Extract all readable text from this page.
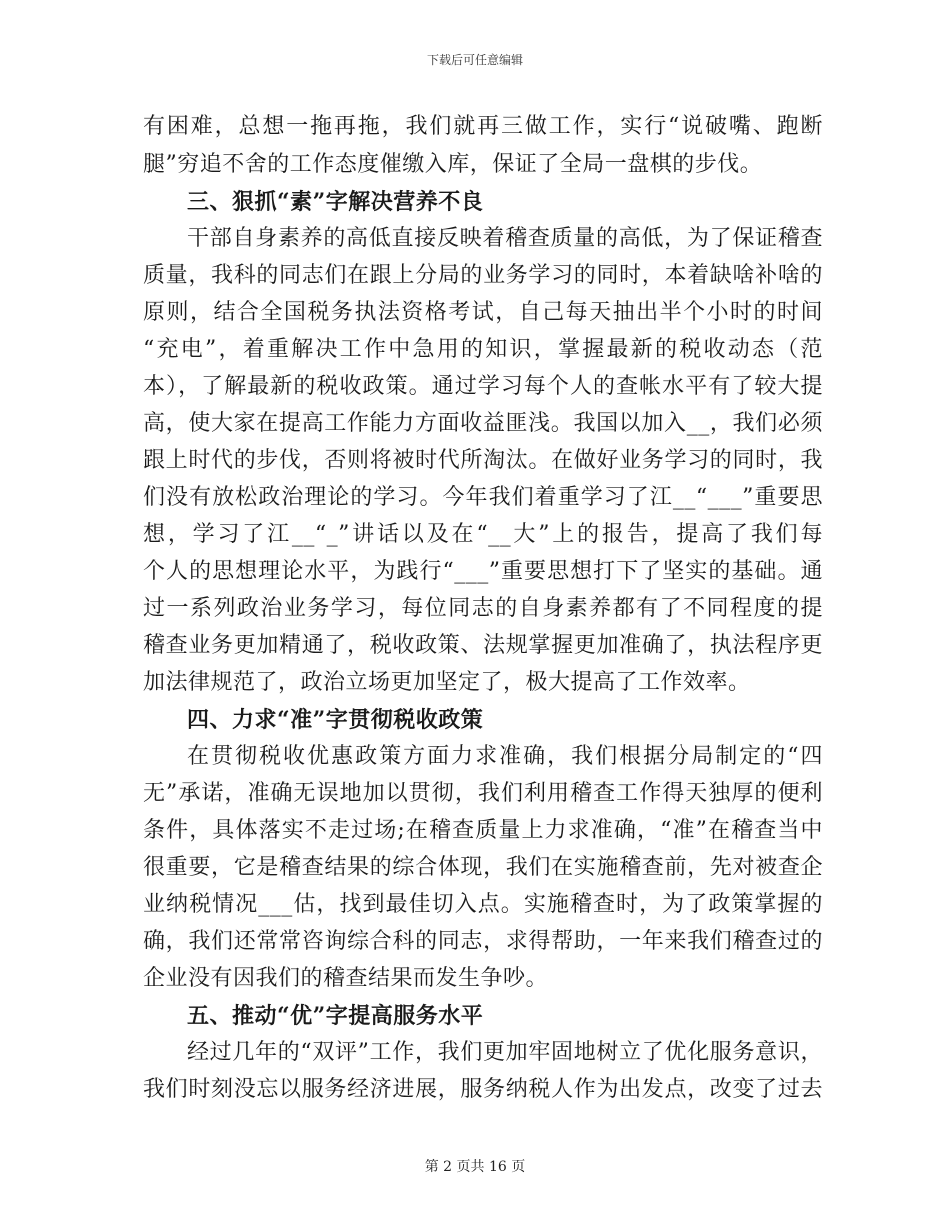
下载后可任意编辑
有困难，总想一拖再拖，我们就再三做工作，实行“说破嘴、跑断
腿”穷追不舍的工作态度催缴入库，保证了全局一盘棋的步伐。
三、狠抓“素”字解决营养不良
干部自身素养的高低直接反映着稽查质量的高低，为了保证稽查
质量，我科的同志们在跟上分局的业务学习的同时，本着缺啥补啥的
原则，结合全国税务执法资格考试，自己每天抽出半个小时的时间
“充电”，着重解决工作中急用的知识，掌握最新的税收动态（范
本），了解最新的税收政策。通过学习每个人的查帐水平有了较大提
高，使大家在提高工作能力方面收益匪浅。我国以加入__，我们必须
跟上时代的步伐，否则将被时代所淘汰。在做好业务学习的同时，我
们没有放松政治理论的学习。今年我们着重学习了江__“___”重要思
想，学习了江__“_”讲话以及在“__大”上的报告，提高了我们每
个人的思想理论水平，为践行“___”重要思想打下了坚实的基础。通
过一系列政治业务学习，每位同志的自身素养都有了不同程度的提
稽查业务更加精通了，税收政策、法规掌握更加准确了，执法程序更
加法律规范了，政治立场更加坚定了，极大提高了工作效率。
四、力求“准”字贯彻税收政策
在贯彻税收优惠政策方面力求准确，我们根据分局制定的“四
无”承诺，准确无误地加以贯彻，我们利用稽查工作得天独厚的便利
条件，具体落实不走过场;在稽查质量上力求准确，“准”在稽查当中
很重要，它是稽查结果的综合体现，我们在实施稽查前，先对被查企
业纳税情况___估，找到最佳切入点。实施稽查时，为了政策掌握的
确，我们还常常咨询综合科的同志，求得帮助，一年来我们稽查过的
企业没有因我们的稽查结果而发生争吵。
五、推动“优”字提高服务水平
经过几年的“双评”工作，我们更加牢固地树立了优化服务意识，
我们时刻没忘以服务经济进展，服务纳税人作为出发点，改变了过去
第 2 页共 16 页
